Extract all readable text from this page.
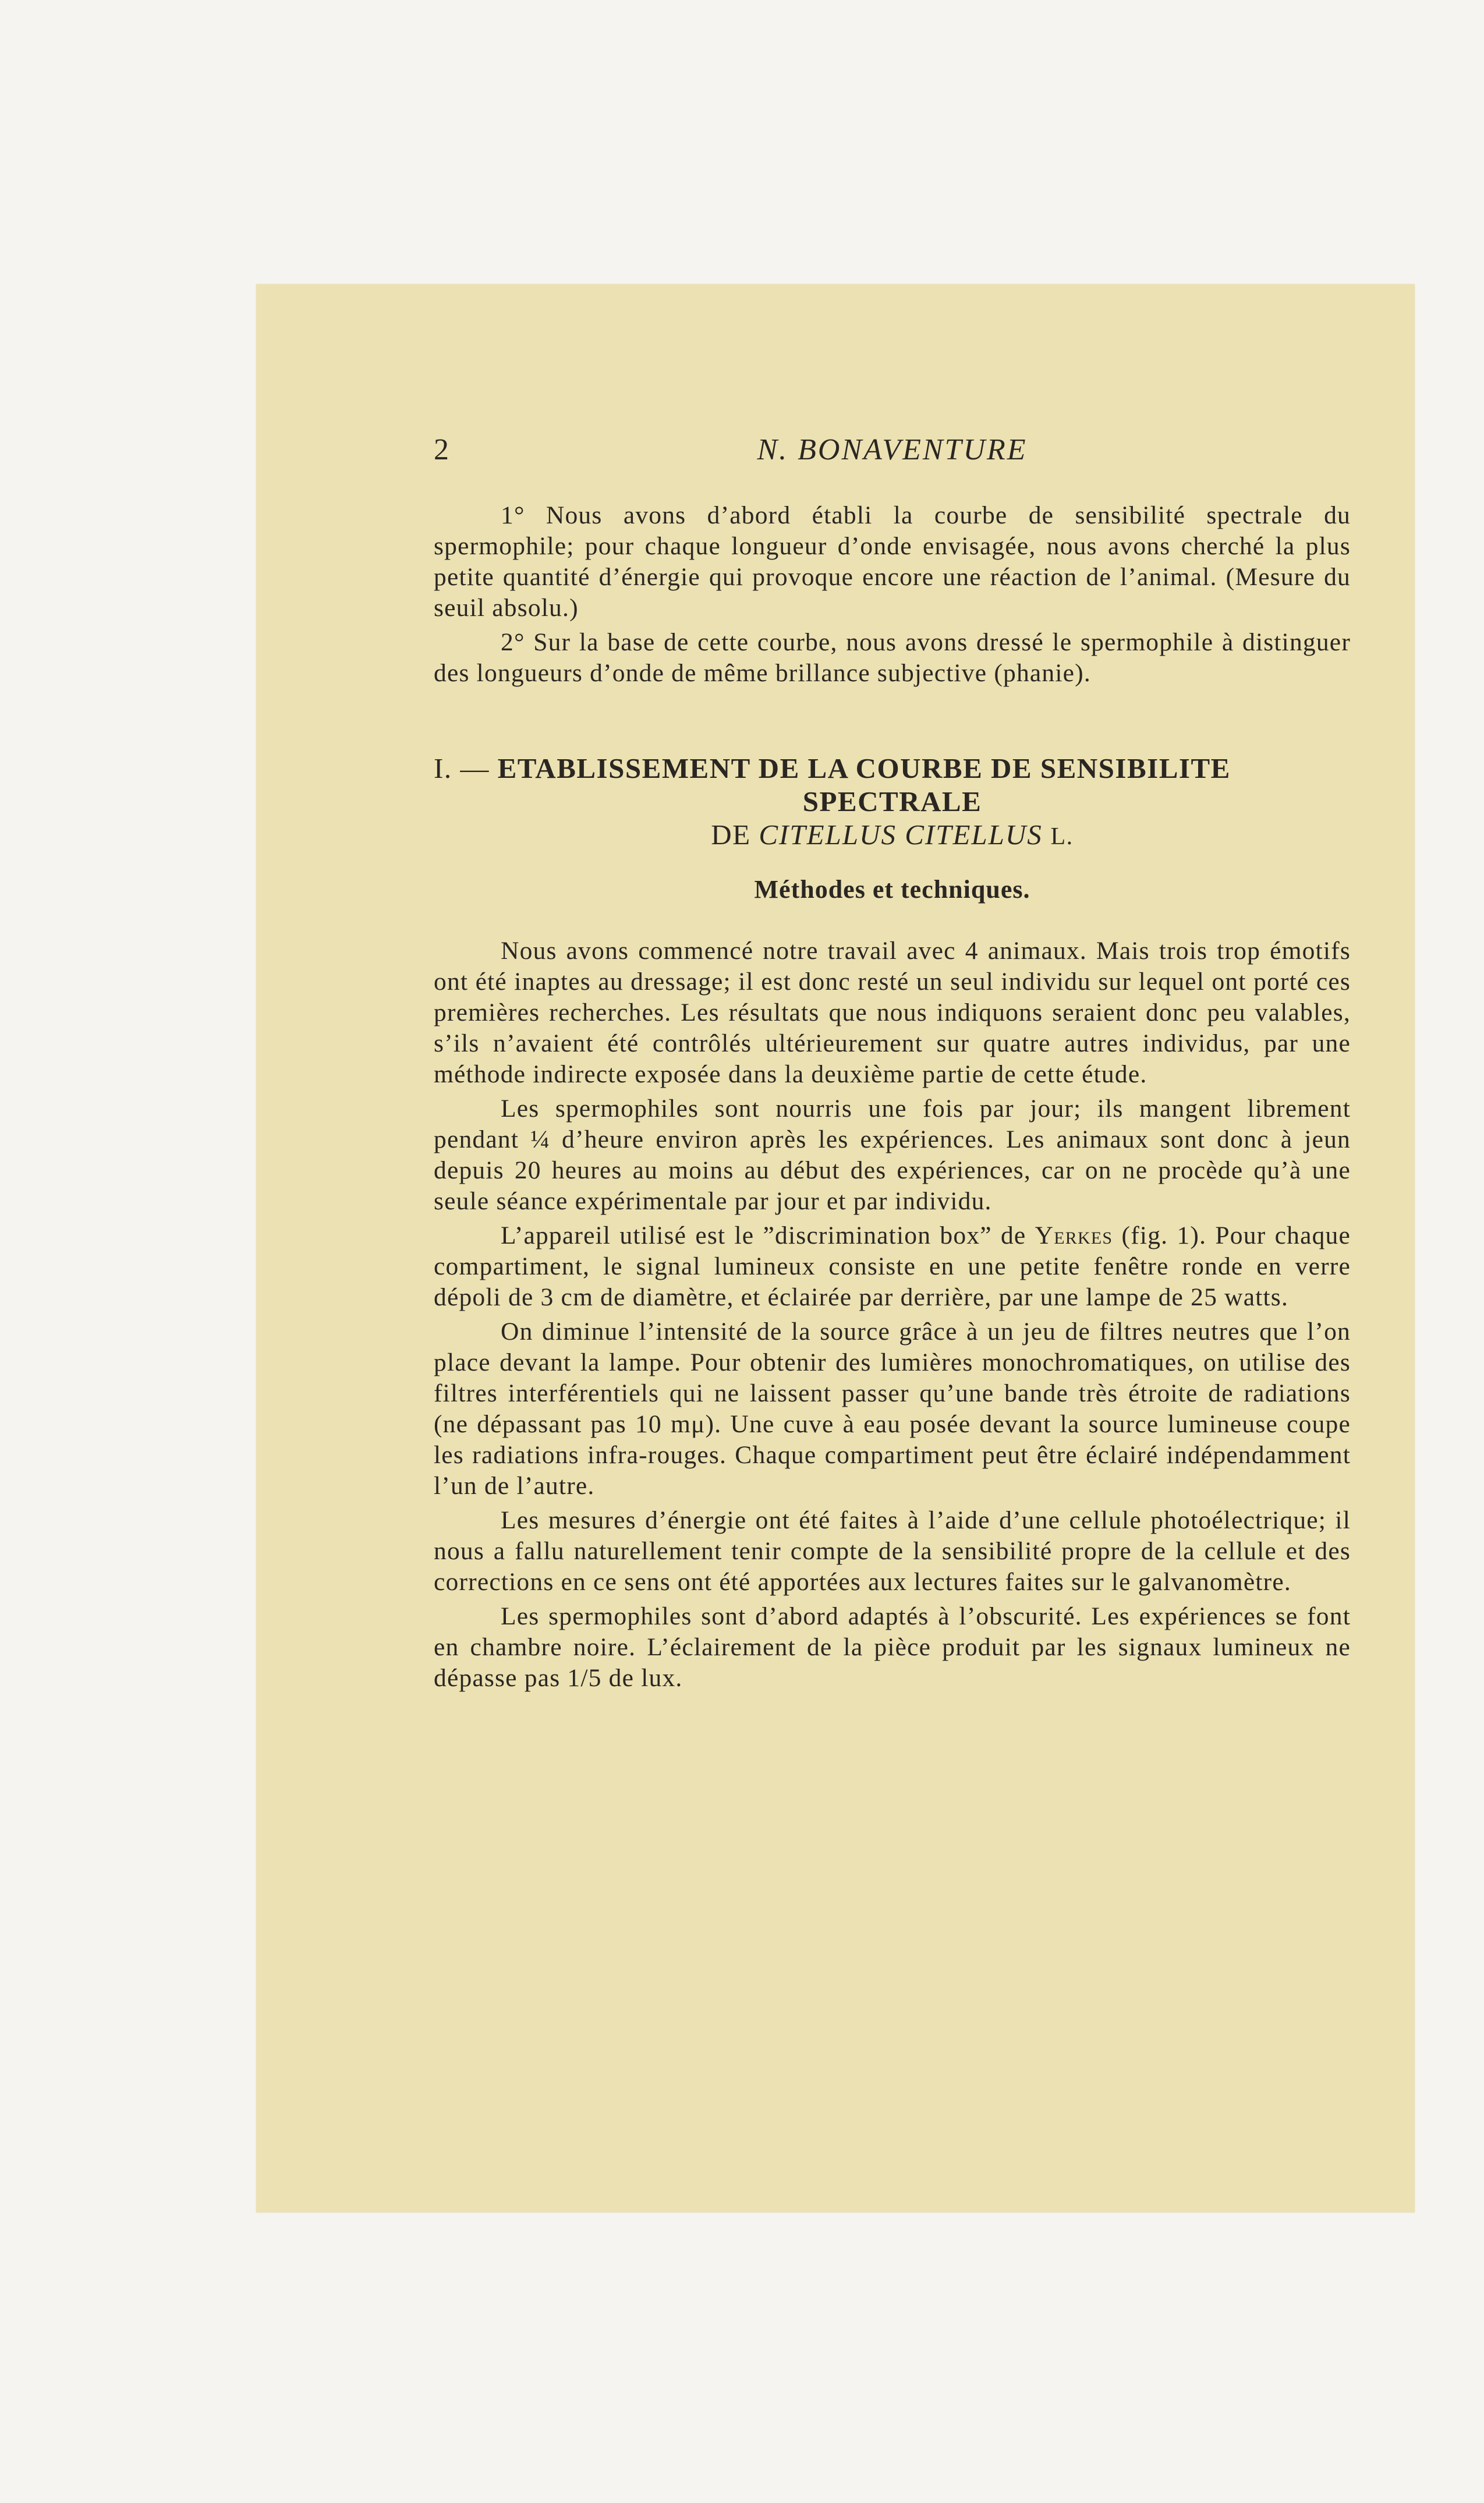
2	N. BONAVENTURE

1° Nous avons d’abord établi la courbe de sensibilité spectrale du spermophile; pour chaque longueur d’onde envisagée, nous avons cherché la plus petite quantité d’énergie qui provoque encore une réaction de l’animal. (Mesure du seuil absolu.)

2° Sur la base de cette courbe, nous avons dressé le spermophile à distinguer des longueurs d’onde de même brillance subjective (phanie).

I. — ETABLISSEMENT DE LA COURBE DE SENSIBILITE
SPECTRALE
DE CITELLUS CITELLUS L.
Méthodes et techniques.

Nous avons commencé notre travail avec 4 animaux. Mais trois trop émotifs ont été inaptes au dressage; il est donc resté un seul individu sur lequel ont porté ces premières recherches. Les résultats que nous indiquons seraient donc peu valables, s’ils n’avaient été contrôlés ultérieurement sur quatre autres individus, par une méthode indirecte exposée dans la deuxième partie de cette étude.

Les spermophiles sont nourris une fois par jour; ils mangent librement pendant ¼ d’heure environ après les expériences. Les animaux sont donc à jeun depuis 20 heures au moins au début des expériences, car on ne procède qu’à une seule séance expérimentale par jour et par individu.

L’appareil utilisé est le ”discrimination box” de Yerkes (fig. 1). Pour chaque compartiment, le signal lumineux consiste en une petite fenêtre ronde en verre dépoli de 3 cm de diamètre, et éclairée par derrière, par une lampe de 25 watts.

On diminue l’intensité de la source grâce à un jeu de filtres neutres que l’on place devant la lampe. Pour obtenir des lumières monochromatiques, on utilise des filtres interférentiels qui ne laissent passer qu’une bande très étroite de radiations (ne dépassant pas 10 mμ). Une cuve à eau posée devant la source lumineuse coupe les radiations infra-rouges. Chaque compartiment peut être éclairé indépendamment l’un de l’autre.

Les mesures d’énergie ont été faites à l’aide d’une cellule photoélectrique; il nous a fallu naturellement tenir compte de la sensibilité propre de la cellule et des corrections en ce sens ont été apportées aux lectures faites sur le galvanomètre.

Les spermophiles sont d’abord adaptés à l’obscurité. Les expériences se font en chambre noire. L’éclairement de la pièce produit par les signaux lumineux ne dépasse pas 1/5 de lux.
